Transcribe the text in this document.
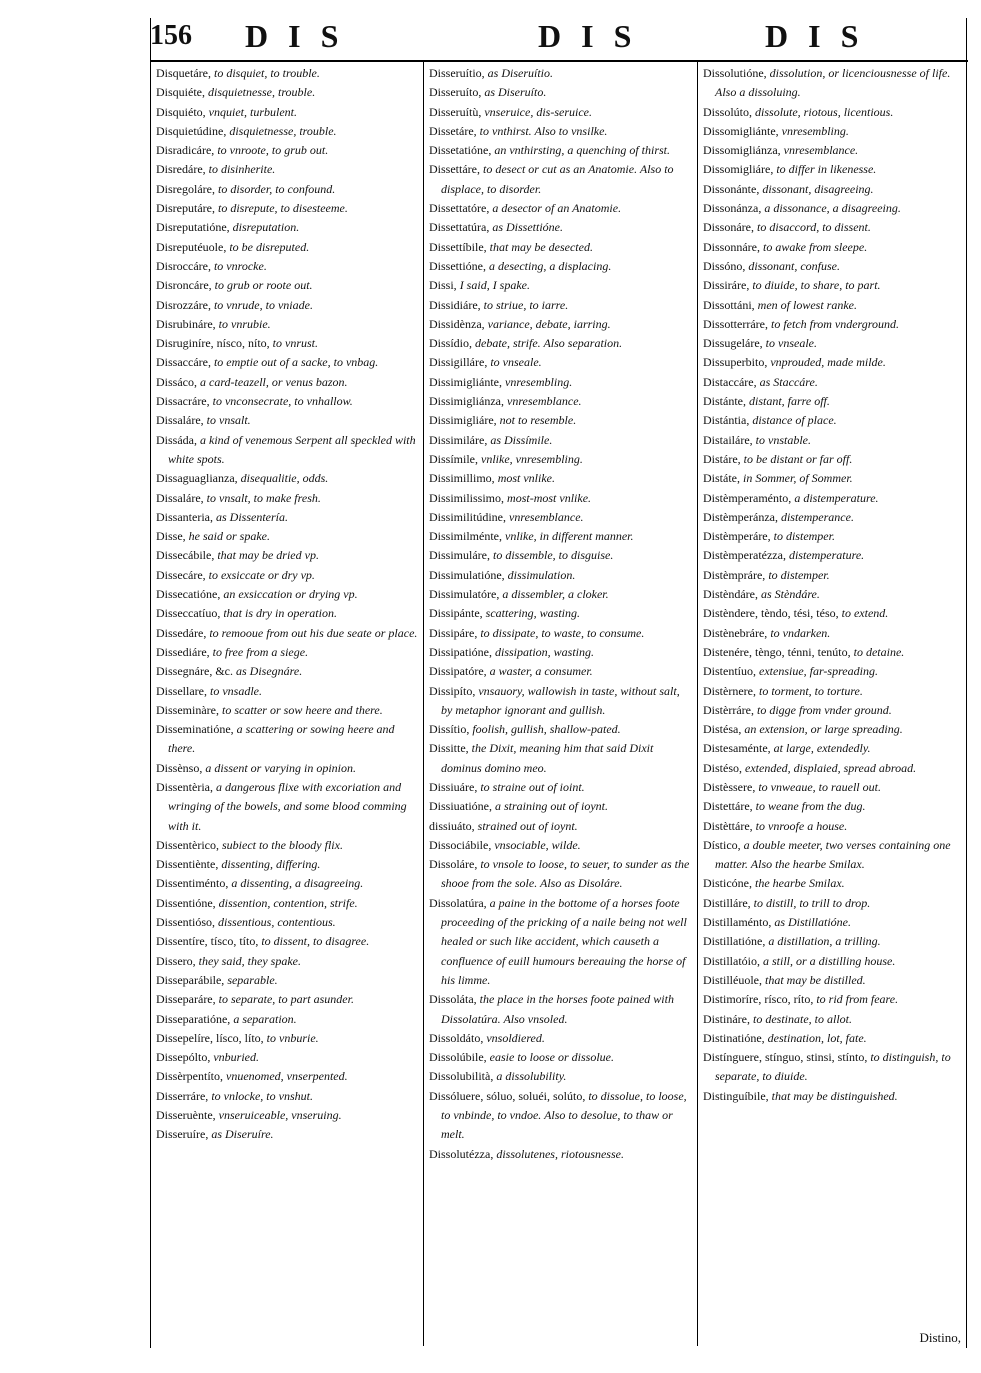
156 DIS	DIS	DIS

Disquetáre, to disquiet, to trouble.

Disquiéte, disquietnesse, trouble.

Disquiéto, vnquiet, turbulent.

Disquietúdine, disquietnesse, trouble.

Disradicáre, to vnroote, to grub out.

Disredáre, to disinherite.

Disregoláre, to disorder, to confound.

Disreputáre, to disrepute, to disesteeme.

Disreputatióne, disreputation.

Disreputéuole, to be disreputed.

Disroccáre, to vnrocke.

Disroncáre, to grub or roote out.

Disrozzáre, to vnrude, to vniade.

Disrubináre, to vnrubie.

Disruginíre, nísco, níto, to vnrust.

Dissaccáre, to emptie out of a sacke, to vnbag.

Dissáco, a card-teazell, or venus bazon.

Dissacráre, to vnconsecrate, to vnhallow.

Dissaláre, to vnsalt.

Dissáda, a kind of venemous Serpent all speckled with white spots.

Dissaguaglianza, disequalitie, odds.

Dissaláre, to vnsalt, to make fresh.

Dissanteria, as Dissentería.

Disse, he said or spake.

Dissecábile, that may be dried vp.

Dissecáre, to exsiccate or dry vp.

Dissecatióne, an exsiccation or drying vp.

Disseccatíuo, that is dry in operation.

Dissedáre, to remooue from out his due seate or place.

Dissediáre, to free from a siege.

Dissegnáre, &c. as Disegnáre.

Dissellare, to vnsadle.

Disseminàre, to scatter or sow heere and there.

Disseminatióne, a scattering or sowing heere and there.

Dissènso, a dissent or varying in opinion.

Dissentèria, a dangerous flixe with excoriation and wringing of the bowels, and some blood comming with it.

Dissentèrico, subiect to the bloody flix.

Dissentiènte, dissenting, differing.

Dissentiménto, a dissenting, a disagreeing.

Dissentióne, dissention, contention, strife.

Dissentióso, dissentious, contentious.

Dissentíre, tísco, títo, to dissent, to disagree.

Dissero, they said, they spake.

Disseparábile, separable.

Disseparáre, to separate, to part asunder.

Disseparatióne, a separation.

Dissepelíre, lísco, líto, to vnburie.

Dissepólto, vnburied.

Dissèrpentíto, vnuenomed, vnserpented.

Disserráre, to vnlocke, to vnshut.

Disseruènte, vnseruiceable, vnseruing.

Disseruíre, as Diseruíre.

Disseruítio, as Diseruítio.

Disseruíto, as Diseruíto.

Disseruítù, vnseruice, dis-seruice.

Dissetáre, to vnthirst. Also to vnsilke.

Dissetatióne, an vnthirsting, a quenching of thirst.

Dissettáre, to desect or cut as an Anatomie. Also to displace, to disorder.

Dissettatóre, a desector of an Anatomie.

Dissettatúra, as Dissettióne.

Dissettíbile, that may be desected.

Dissettióne, a desecting, a displacing.

Dissi, I said, I spake.

Dissidiáre, to striue, to iarre.

Dissidènza, variance, debate, iarring.

Dissídio, debate, strife. Also separation.

Dissigilláre, to vnseale.

Dissimigliánte, vnresembling.

Dissimigliánza, vnresemblance.

Dissimigliáre, not to resemble.

Dissimiláre, as Dissímile.

Dissímile, vnlike, vnresembling.

Dissimillimo, most vnlike.

Dissimilissimo, most-most vnlike.

Dissimilitúdine, vnresemblance.

Dissimilménte, vnlike, in different manner.

Dissimuláre, to dissemble, to disguise.

Dissimulatióne, dissimulation.

Dissimulatóre, a dissembler, a cloker.

Dissipánte, scattering, wasting.

Dissipáre, to dissipate, to waste, to consume.

Dissipatióne, dissipation, wasting.

Dissipatóre, a waster, a consumer.

Dissipíto, vnsauory, wallowish in taste, without salt, by metaphor ignorant and gullish.

Dissítio, foolish, gullish, shallow-pated.

Dissitte, the Dixit, meaning him that said Dixit dominus domino meo.

Dissiuáre, to straine out of ioint.

Dissiuatióne, a straining out of ioynt.

dissiuáto, strained out of ioynt.

Dissociábile, vnsociable, wilde.

Dissoláre, to vnsole to loose, to seuer, to sunder as the shooe from the sole. Also as Disoláre.

Dissolatúra, a paine in the bottome of a horses foote proceeding of the pricking of a naile being not well healed or such like accident, which causeth a confluence of euill humours bereauing the horse of his limme.

Dissoláta, the place in the horses foote pained with Dissolatúra. Also vnsoled.

Dissoldáto, vnsoldiered.

Dissolúbile, easie to loose or dissolue.

Dissolubilità, a dissolubility.

Dissóluere, sóluo, soluéi, solúto, to dissolue, to loose, to vnbinde, to vndoe. Also to desolue, to thaw or melt.

Dissolutézza, dissolutenes, riotousnesse.

Dissolutióne, dissolution, or licenciousnesse of life. Also a dissoluing.

Dissolúto, dissolute, riotous, licentious.

Dissomigliánte, vnresembling.

Dissomigliánza, vnresemblance.

Dissomigliáre, to differ in likenesse.

Dissonánte, dissonant, disagreeing.

Dissonánza, a dissonance, a disagreeing.

Dissonáre, to disaccord, to dissent.

Dissonnáre, to awake from sleepe.

Dissóno, dissonant, confuse.

Dissiráre, to diuide, to share, to part.

Dissottáni, men of lowest ranke.

Dissotterráre, to fetch from vnderground.

Dissugeláre, to vnseale.

Dissuperbito, vnprouded, made milde.

Distaccáre, as Staccáre.

Distánte, distant, farre off.

Distántia, distance of place.

Distailáre, to vnstable.

Distáre, to be distant or far off.

Distáte, in Sommer, of Sommer.

Distèmperaménto, a distemperature.

Distèmperánza, distemperance.

Distèmperáre, to distemper.

Distèmperatézza, distemperature.

Distèmpráre, to distemper.

Distèndáre, as Stèndáre.

Distèndere, tèndo, tési, téso, to extend.

Distènebráre, to vndarken.

Distenére, tèngo, ténni, tenúto, to detaine.

Distentíuo, extensiue, far-spreading.

Distèrnere, to torment, to torture.

Distèrráre, to digge from vnder ground.

Distésa, an extension, or large spreading.

Distesaménte, at large, extendedly.

Distéso, extended, displaied, spread abroad.

Distèssere, to vnweaue, to rauell out.

Distettáre, to weane from the dug.

Distèttáre, to vnroofe a house.

Dístico, a double meeter, two verses containing one matter. Also the hearbe Smilax.

Disticóne, the hearbe Smilax.

Distilláre, to distill, to trill to drop.

Distillaménto, as Distillatióne.

Distillatióne, a distillation, a trilling.

Distillatóio, a still, or a distilling house.

Distilléuole, that may be distilled.

Distimoríre, rísco, ríto, to rid from feare.

Distináre, to destinate, to allot.

Distinatióne, destination, lot, fate.

Distínguere, stínguo, stinsi, stínto, to distinguish, to separate, to diuide.

Distinguíbile, that may be distinguished.

Distino,
